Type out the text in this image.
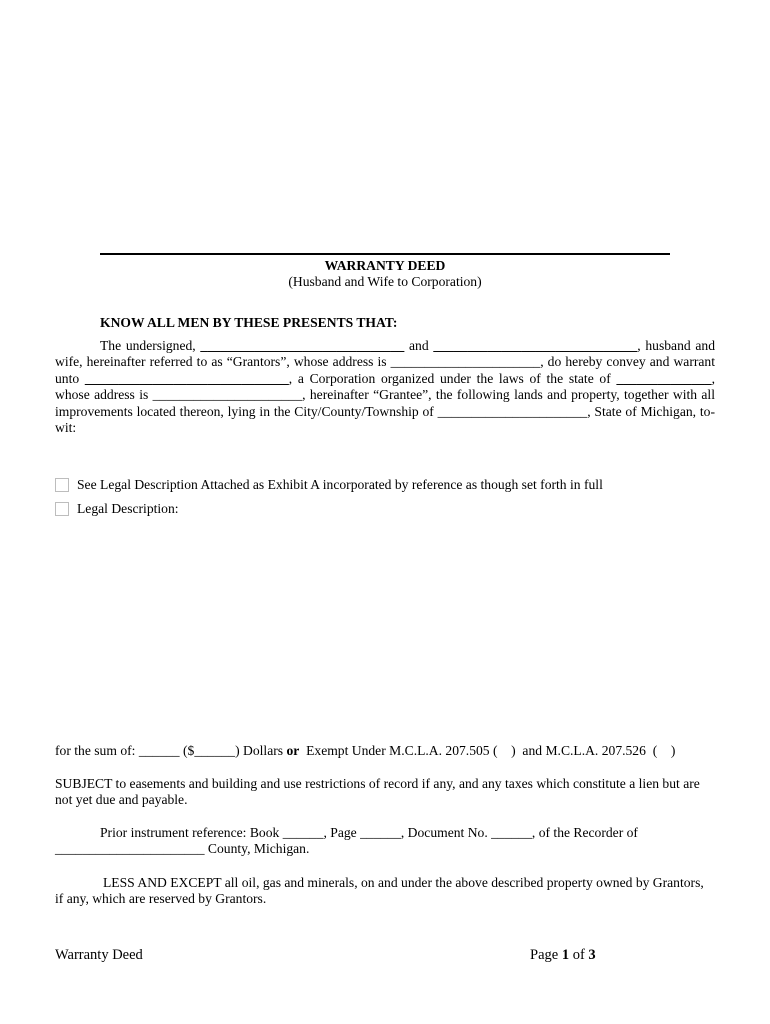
WARRANTY DEED
(Husband and Wife to Corporation)
KNOW ALL MEN BY THESE PRESENTS THAT:
The undersigned, ______________________________ and ______________________________, husband and wife, hereinafter referred to as “Grantors”, whose address is ______________________, do hereby convey and warrant unto ______________________________, a Corporation organized under the laws of the state of ______________, whose address is ______________________, hereinafter “Grantee”, the following lands and property, together with all improvements located thereon, lying in the City/County/Township of ______________________, State of Michigan, to-wit:
See Legal Description Attached as Exhibit A incorporated by reference as though set forth in full
Legal Description:
for the sum of: ______ ($______) Dollars or  Exempt Under M.C.L.A. 207.505 (    )  and M.C.L.A. 207.526  (    )
SUBJECT to easements and building and use restrictions of record if any, and any taxes which constitute a lien but are not yet due and payable.
Prior instrument reference: Book ______, Page ______, Document No. ______, of the Recorder of
______________________ County, Michigan.
LESS AND EXCEPT all oil, gas and minerals, on and under the above described property owned by Grantors, if any, which are reserved by Grantors.
Warranty Deed	Page 1 of 3
